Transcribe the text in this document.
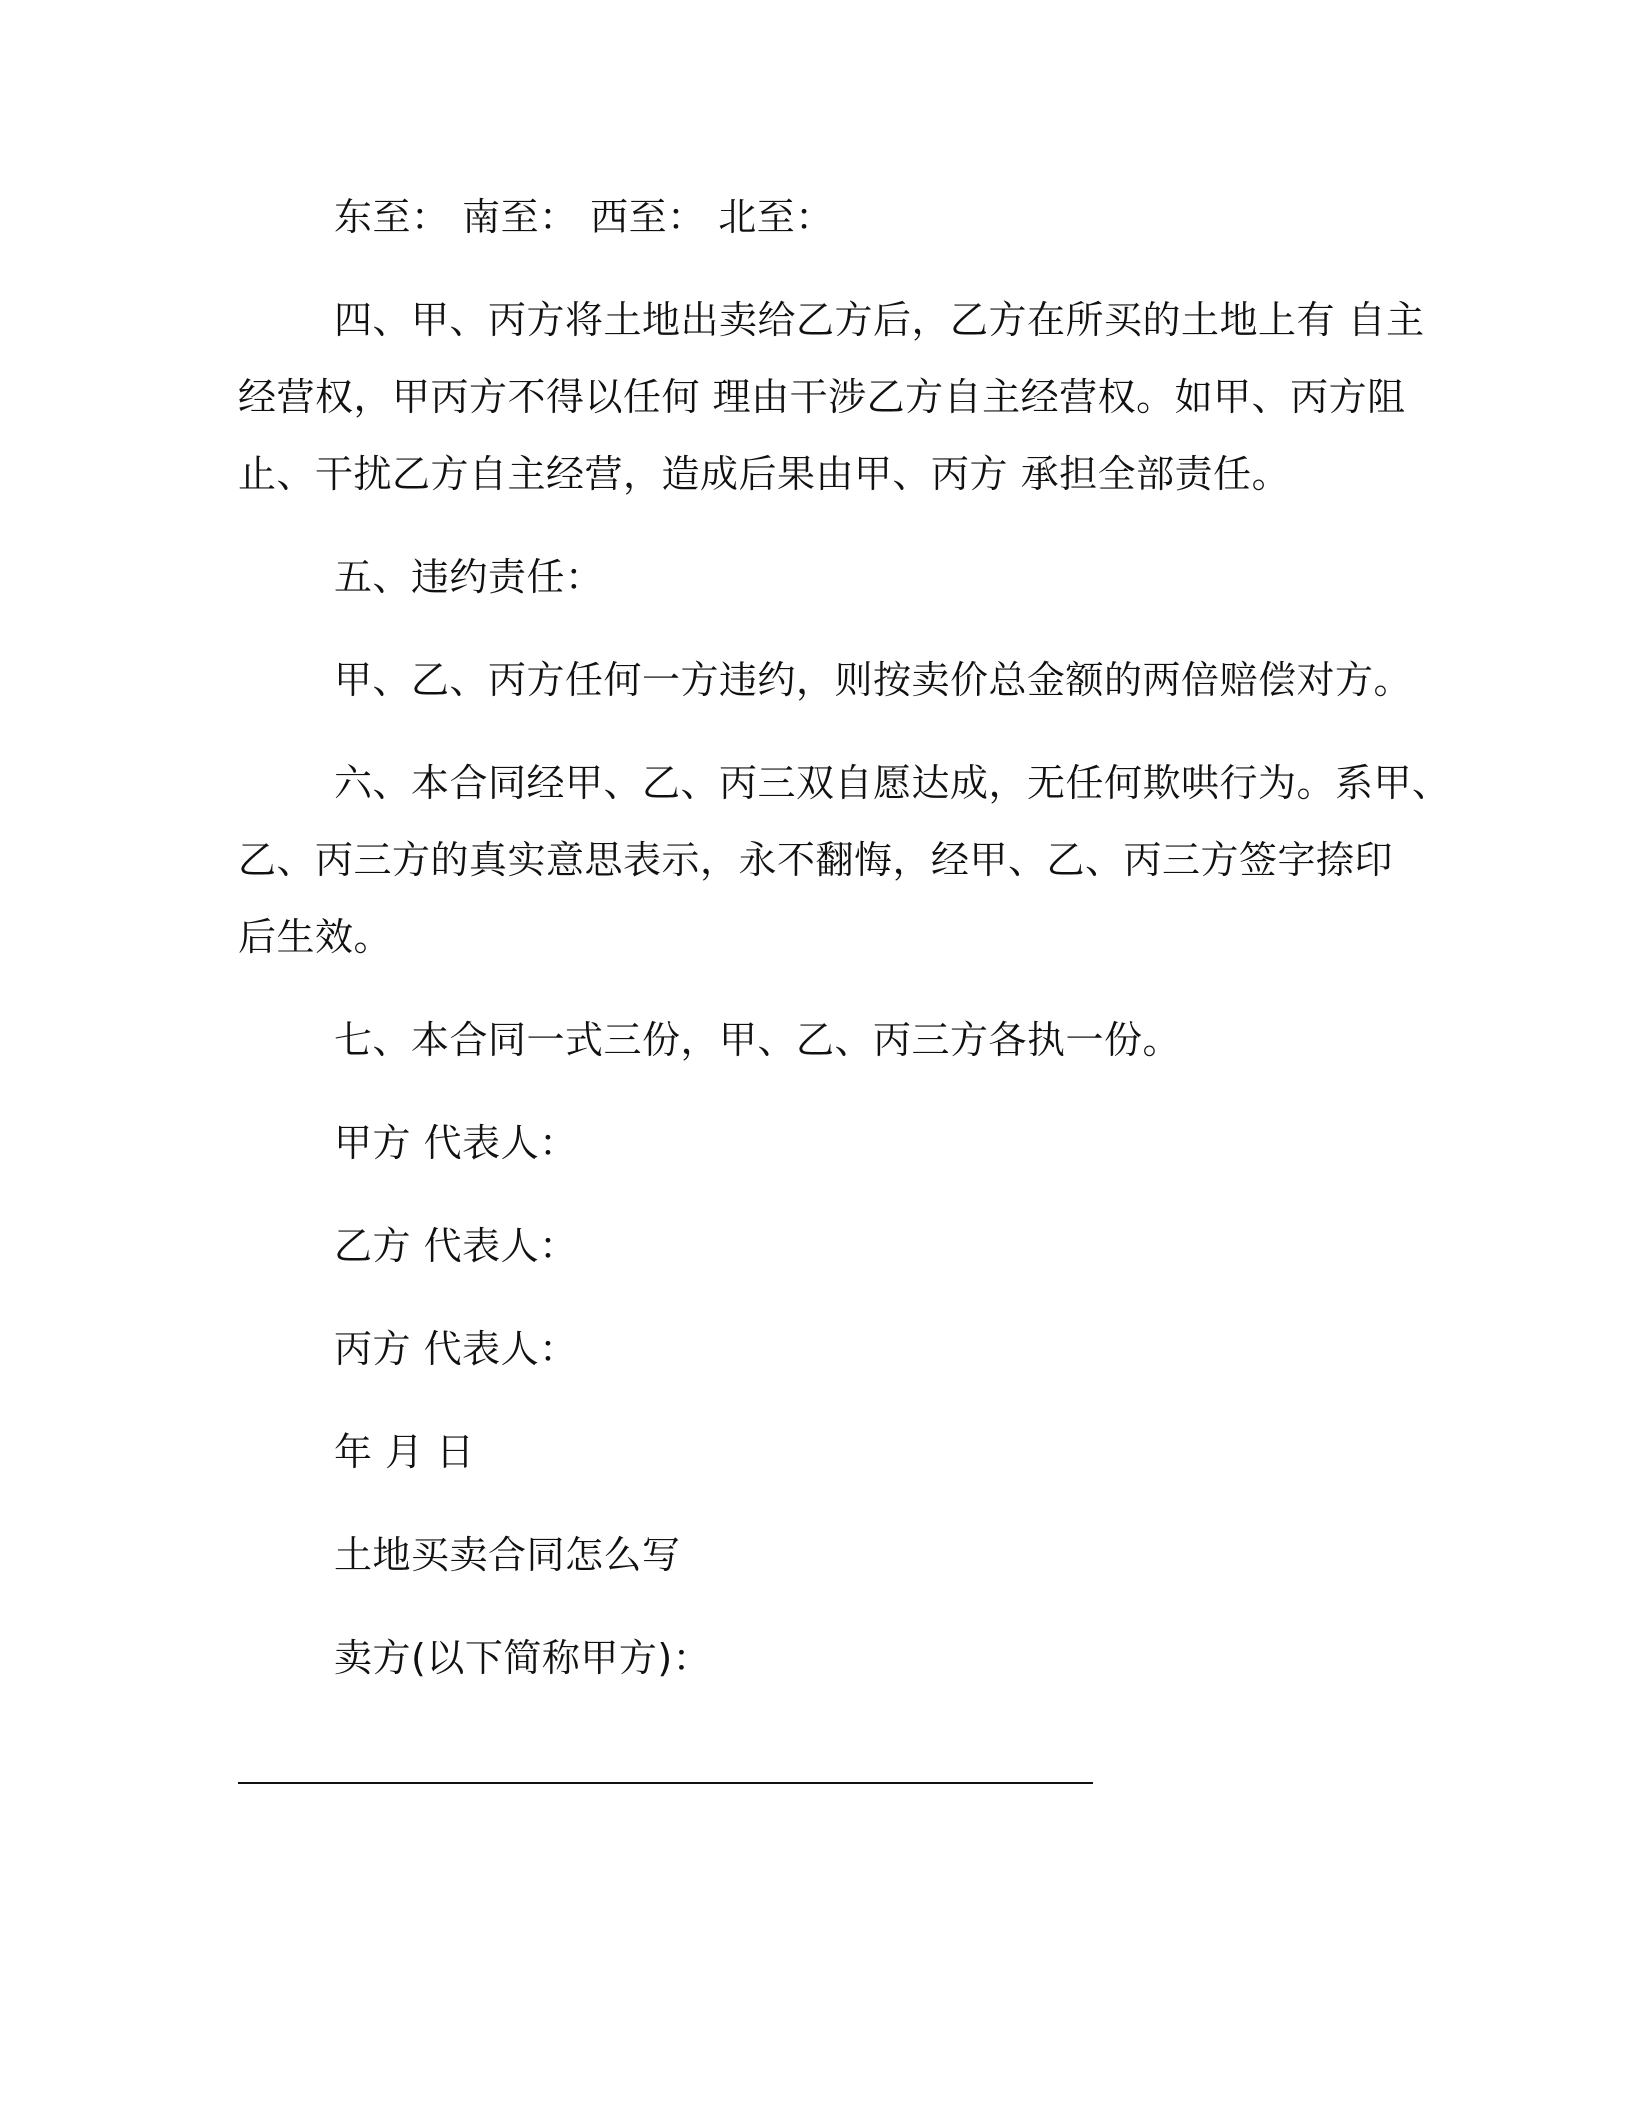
东至： 南至： 西至： 北至：
四、甲、丙方将土地出卖给乙方后，乙方在所买的土地上有 自主
经营权，甲丙方不得以任何 理由干涉乙方自主经营权。如甲、丙方阻
止、干扰乙方自主经营，造成后果由甲、丙方 承担全部责任。
五、违约责任：
甲、乙、丙方任何一方违约，则按卖价总金额的两倍赔偿对方。
六、本合同经甲、乙、丙三双自愿达成，无任何欺哄行为。系甲、
乙、丙三方的真实意思表示，永不翻悔，经甲、乙、丙三方签字捺印
后生效。
七、本合同一式三份，甲、乙、丙三方各执一份。
甲方 代表人：
乙方 代表人：
丙方 代表人：
年 月 日
土地买卖合同怎么写
卖方(以下简称甲方)：
